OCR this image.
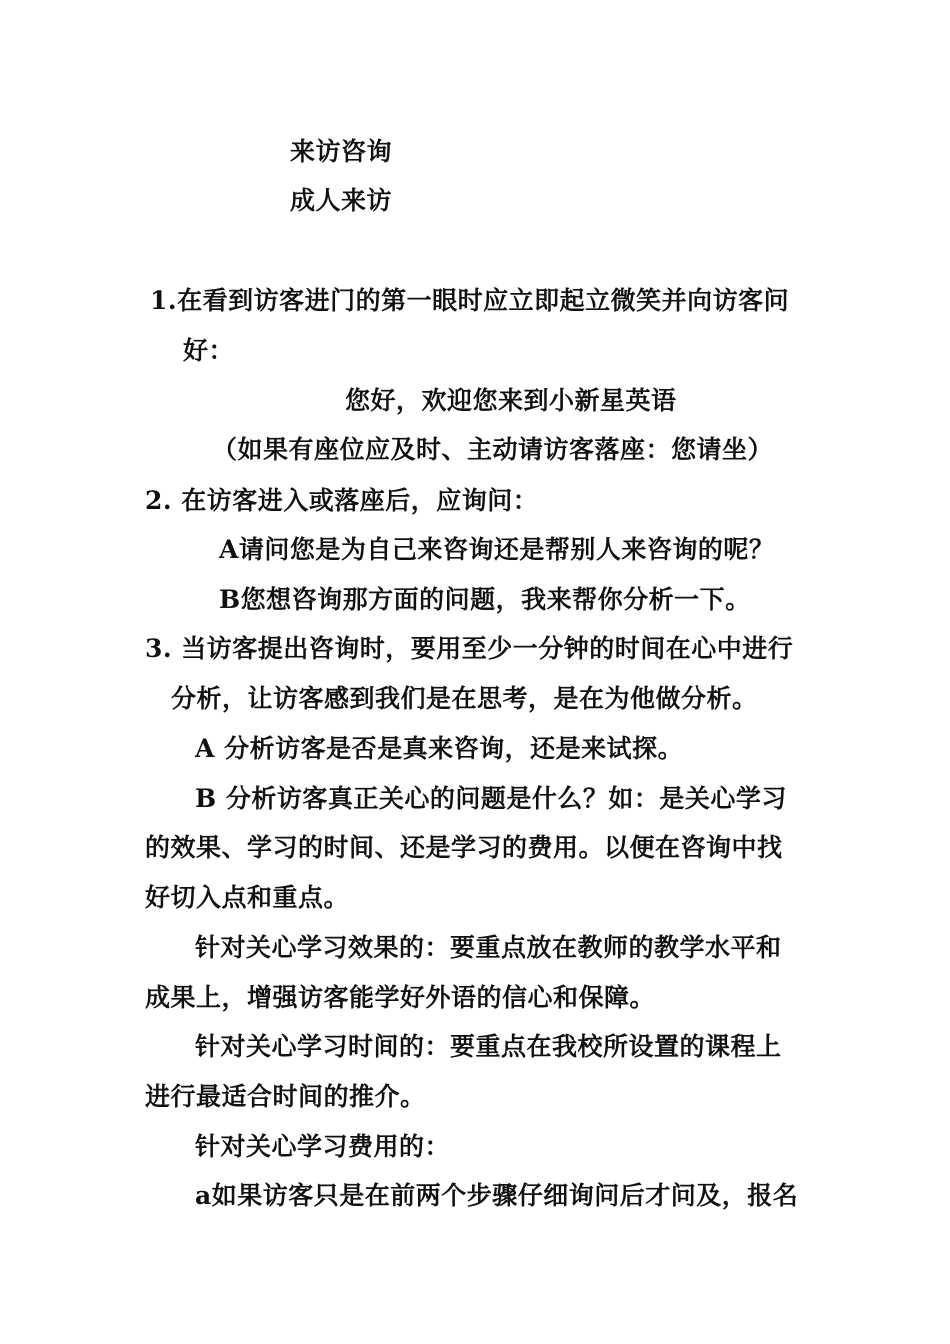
来访咨询
成人来访
1.在看到访客进门的第一眼时应立即起立微笑并向访客问
好：
您好，欢迎您来到小新星英语
（如果有座位应及时、主动请访客落座：您请坐）
2. 在访客进入或落座后，应询问：
A请问您是为自己来咨询还是帮别人来咨询的呢？
B您想咨询那方面的问题，我来帮你分析一下。
3. 当访客提出咨询时，要用至少一分钟的时间在心中进行
分析，让访客感到我们是在思考，是在为他做分析。
A 分析访客是否是真来咨询，还是来试探。
B 分析访客真正关心的问题是什么？如：是关心学习
的效果、学习的时间、还是学习的费用。以便在咨询中找
好切入点和重点。
针对关心学习效果的：要重点放在教师的教学水平和
成果上，增强访客能学好外语的信心和保障。
针对关心学习时间的：要重点在我校所设置的课程上
进行最适合时间的推介。
针对关心学习费用的：
a如果访客只是在前两个步骤仔细询问后才问及，报名
